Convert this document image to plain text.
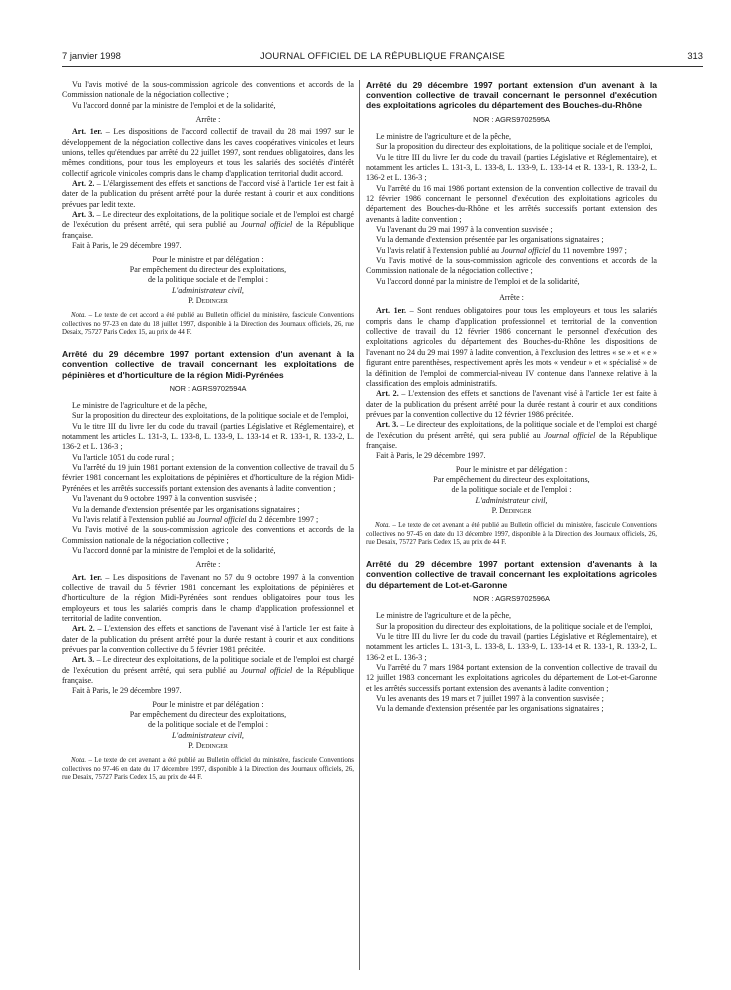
7 janvier 1998	JOURNAL OFFICIEL DE LA RÉPUBLIQUE FRANÇAISE	313

Vu l'avis motivé de la sous-commission agricole des conventions et accords de la Commission nationale de la négociation collective ;

Vu l'accord donné par la ministre de l'emploi et de la solidarité,

Arrête :

Art. 1er. – Les dispositions de l'accord collectif de travail du 28 mai 1997 sur le développement de la négociation collective dans les caves coopératives vinicoles et leurs unions, telles qu'étendues par arrêté du 22 juillet 1997, sont rendues obligatoires, dans les mêmes conditions, pour tous les employeurs et tous les salariés des sociétés d'intérêt collectif agricole vinicoles compris dans le champ d'application territorial dudit accord.

Art. 2. – L'élargissement des effets et sanctions de l'accord visé à l'article 1er est fait à dater de la publication du présent arrêté pour la durée restant à courir et aux conditions prévues par ledit texte.

Art. 3. – Le directeur des exploitations, de la politique sociale et de l'emploi est chargé de l'exécution du présent arrêté, qui sera publié au Journal officiel de la République française.

Fait à Paris, le 29 décembre 1997.

Pour le ministre et par délégation :

Par empêchement du directeur des exploitations,

de la politique sociale et de l'emploi :

L'administrateur civil,

P. Dedinger

Nota. – Le texte de cet accord a été publié au Bulletin officiel du ministère, fascicule Conventions collectives no 97-23 en date du 18 juillet 1997, disponible à la Direction des Journaux officiels, 26, rue Desaix, 75727 Paris Cedex 15, au prix de 44 F.

Arrêté du 29 décembre 1997 portant extension d'un avenant à la convention collective de travail concernant les exploitations de pépinières et d'horticulture de la région Midi-Pyrénées

NOR : AGRS9702594A

Le ministre de l'agriculture et de la pêche,

Sur la proposition du directeur des exploitations, de la politique sociale et de l'emploi,

Vu le titre III du livre Ier du code du travail (parties Législative et Réglementaire), et notamment les articles L. 131-3, L. 133-8, L. 133-9, L. 133-14 et R. 133-1, R. 133-2, L. 136-2 et L. 136-3 ;

Vu l'article 1051 du code rural ;

Vu l'arrêté du 19 juin 1981 portant extension de la convention collective de travail du 5 février 1981 concernant les exploitations de pépinières et d'horticulture de la région Midi-Pyrénées et les arrêtés successifs portant extension des avenants à ladite convention ;

Vu l'avenant du 9 octobre 1997 à la convention susvisée ;

Vu la demande d'extension présentée par les organisations signataires ;

Vu l'avis relatif à l'extension publié au Journal officiel du 2 décembre 1997 ;

Vu l'avis motivé de la sous-commission agricole des conventions et accords de la Commission nationale de la négociation collective ;

Vu l'accord donné par la ministre de l'emploi et de la solidarité,

Arrête :

Art. 1er. – Les dispositions de l'avenant no 57 du 9 octobre 1997 à la convention collective de travail du 5 février 1981 concernant les exploitations de pépinières et d'horticulture de la région Midi-Pyrénées sont rendues obligatoires pour tous les employeurs et tous les salariés compris dans le champ d'application professionnel et territorial de ladite convention.

Art. 2. – L'extension des effets et sanctions de l'avenant visé à l'article 1er est faite à dater de la publication du présent arrêté pour la durée restant à courir et aux conditions prévues par la convention collective du 5 février 1981 précitée.

Art. 3. – Le directeur des exploitations, de la politique sociale et de l'emploi est chargé de l'exécution du présent arrêté, qui sera publié au Journal officiel de la République française.

Fait à Paris, le 29 décembre 1997.

Pour le ministre et par délégation :

Par empêchement du directeur des exploitations,

de la politique sociale et de l'emploi :

L'administrateur civil,

P. Dedinger

Nota. – Le texte de cet avenant a été publié au Bulletin officiel du ministère, fascicule Conventions collectives no 97-46 en date du 17 décembre 1997, disponible à la Direction des Journaux officiels, 26, rue Desaix, 75727 Paris Cedex 15, au prix de 44 F.

Arrêté du 29 décembre 1997 portant extension d'un avenant à la convention collective de travail concernant le personnel d'exécution des exploitations agricoles du département des Bouches-du-Rhône

NOR : AGRS9702595A

Le ministre de l'agriculture et de la pêche,

Sur la proposition du directeur des exploitations, de la politique sociale et de l'emploi,

Vu le titre III du livre Ier du code du travail (parties Législative et Réglementaire), et notamment les articles L. 131-3, L. 133-8, L. 133-9, L. 133-14 et R. 133-1, R. 133-2, L. 136-2 et L. 136-3 ;

Vu l'arrêté du 16 mai 1986 portant extension de la convention collective de travail du 12 février 1986 concernant le personnel d'exécution des exploitations agricoles du département des Bouches-du-Rhône et les arrêtés successifs portant extension des avenants à ladite convention ;

Vu l'avenant du 29 mai 1997 à la convention susvisée ;

Vu la demande d'extension présentée par les organisations signataires ;

Vu l'avis relatif à l'extension publié au Journal officiel du 11 novembre 1997 ;

Vu l'avis motivé de la sous-commission agricole des conventions et accords de la Commission nationale de la négociation collective ;

Vu l'accord donné par la ministre de l'emploi et de la solidarité,

Arrête :

Art. 1er. – Sont rendues obligatoires pour tous les employeurs et tous les salariés compris dans le champ d'application professionnel et territorial de la convention collective de travail du 12 février 1986 concernant le personnel d'exécution des exploitations agricoles du département des Bouches-du-Rhône les dispositions de l'avenant no 24 du 29 mai 1997 à ladite convention, à l'exclusion des lettres « se » et « e » figurant entre parenthèses, respectivement après les mots « vendeur » et « spécialisé » de la définition de l'emploi de commercial-niveau IV contenue dans l'annexe relative à la classification des emplois administratifs.

Art. 2. – L'extension des effets et sanctions de l'avenant visé à l'article 1er est faite à dater de la publication du présent arrêté pour la durée restant à courir et aux conditions prévues par la convention collective du 12 février 1986 précitée.

Art. 3. – Le directeur des exploitations, de la politique sociale et de l'emploi est chargé de l'exécution du présent arrêté, qui sera publié au Journal officiel de la République française.

Fait à Paris, le 29 décembre 1997.

Pour le ministre et par délégation :

Par empêchement du directeur des exploitations,

de la politique sociale et de l'emploi :

L'administrateur civil,

P. Dedinger

Nota. – Le texte de cet avenant a été publié au Bulletin officiel du ministère, fascicule Conventions collectives no 97-45 en date du 13 décembre 1997, disponible à la Direction des Journaux officiels, 26, rue Desaix, 75727 Paris Cedex 15, au prix de 44 F.

Arrêté du 29 décembre 1997 portant extension d'avenants à la convention collective de travail concernant les exploitations agricoles du département de Lot-et-Garonne

NOR : AGRS9702596A

Le ministre de l'agriculture et de la pêche,

Sur la proposition du directeur des exploitations, de la politique sociale et de l'emploi,

Vu le titre III du livre Ier du code du travail (parties Législative et Réglementaire), et notamment les articles L. 131-3, L. 133-8, L. 133-9, L. 133-14 et R. 133-1, R. 133-2, L. 136-2 et L. 136-3 ;

Vu l'arrêté du 7 mars 1984 portant extension de la convention collective de travail du 12 juillet 1983 concernant les exploitations agricoles du département de Lot-et-Garonne et les arrêtés successifs portant extension des avenants à ladite convention ;

Vu les avenants des 19 mars et 7 juillet 1997 à la convention susvisée ;

Vu la demande d'extension présentée par les organisations signataires ;
